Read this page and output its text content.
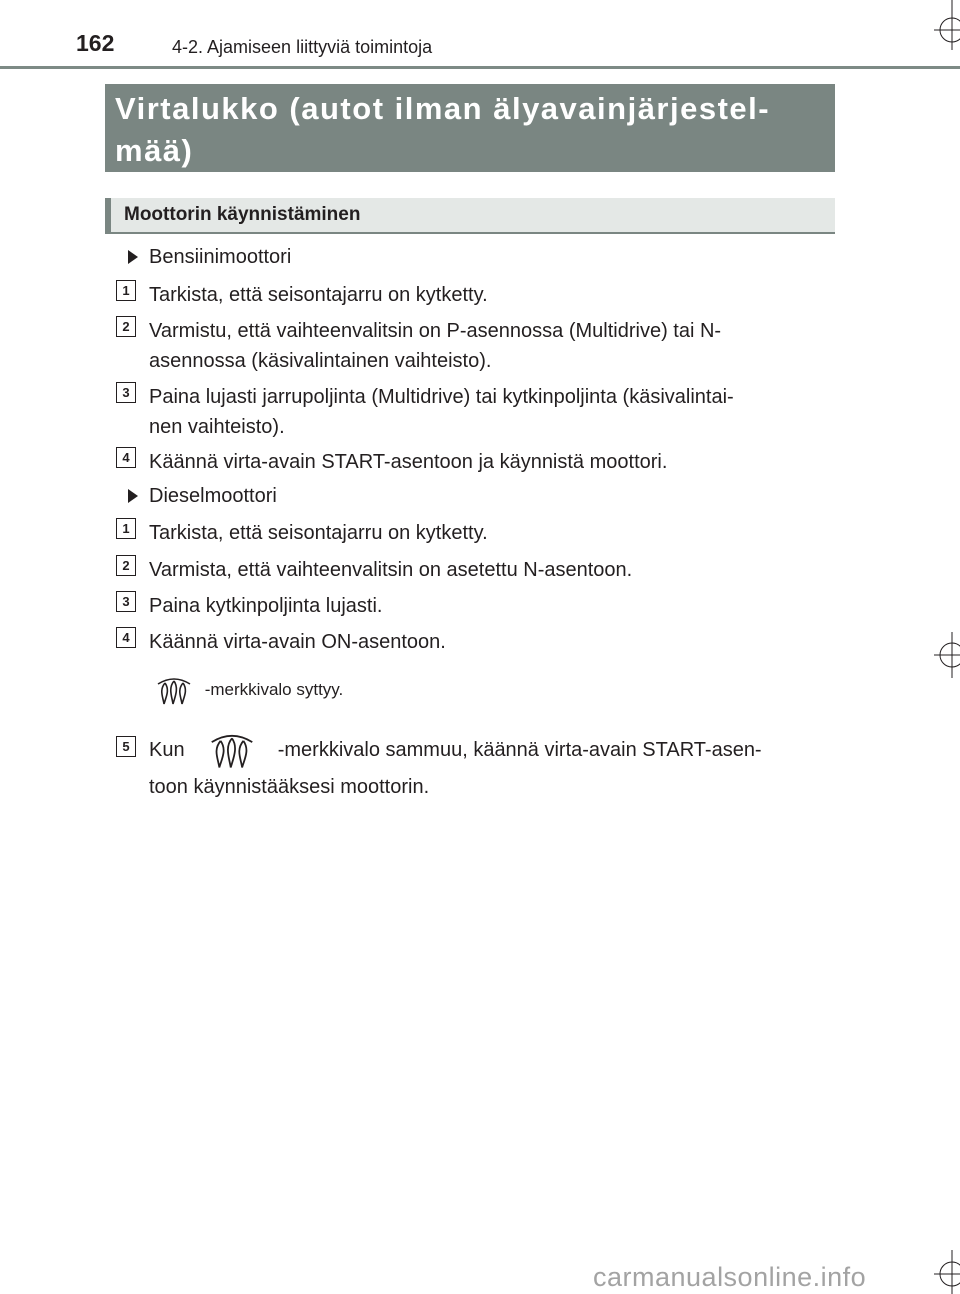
162	4-2. Ajamiseen liittyviä toimintoja
Virtalukko (autot ilman älyavainjärjestel-
mää)
Moottorin käynnistäminen
Bensiinimoottori
1 Tarkista, että seisontajarru on kytketty.
2 Varmistu, että vaihteenvalitsin on P-asennossa (Multidrive) tai N-
asennossa (käsivalintainen vaihteisto).
3 Paina lujasti jarrupoljinta (Multidrive) tai kytkinpoljinta (käsivalintai-
nen vaihteisto).
4 Käännä virta-avain START-asentoon ja käynnistä moottori.
Dieselmoottori
1 Tarkista, että seisontajarru on kytketty.
2 Varmista, että vaihteenvalitsin on asetettu N-asentoon.
3 Paina kytkinpoljinta lujasti.
4 Käännä virta-avain ON-asentoon.
-merkkivalo syttyy.
5 Kun	-merkkivalo sammuu, käännä virta-avain START-asen-
toon käynnistääksesi moottorin.
carmanualsonline.info
